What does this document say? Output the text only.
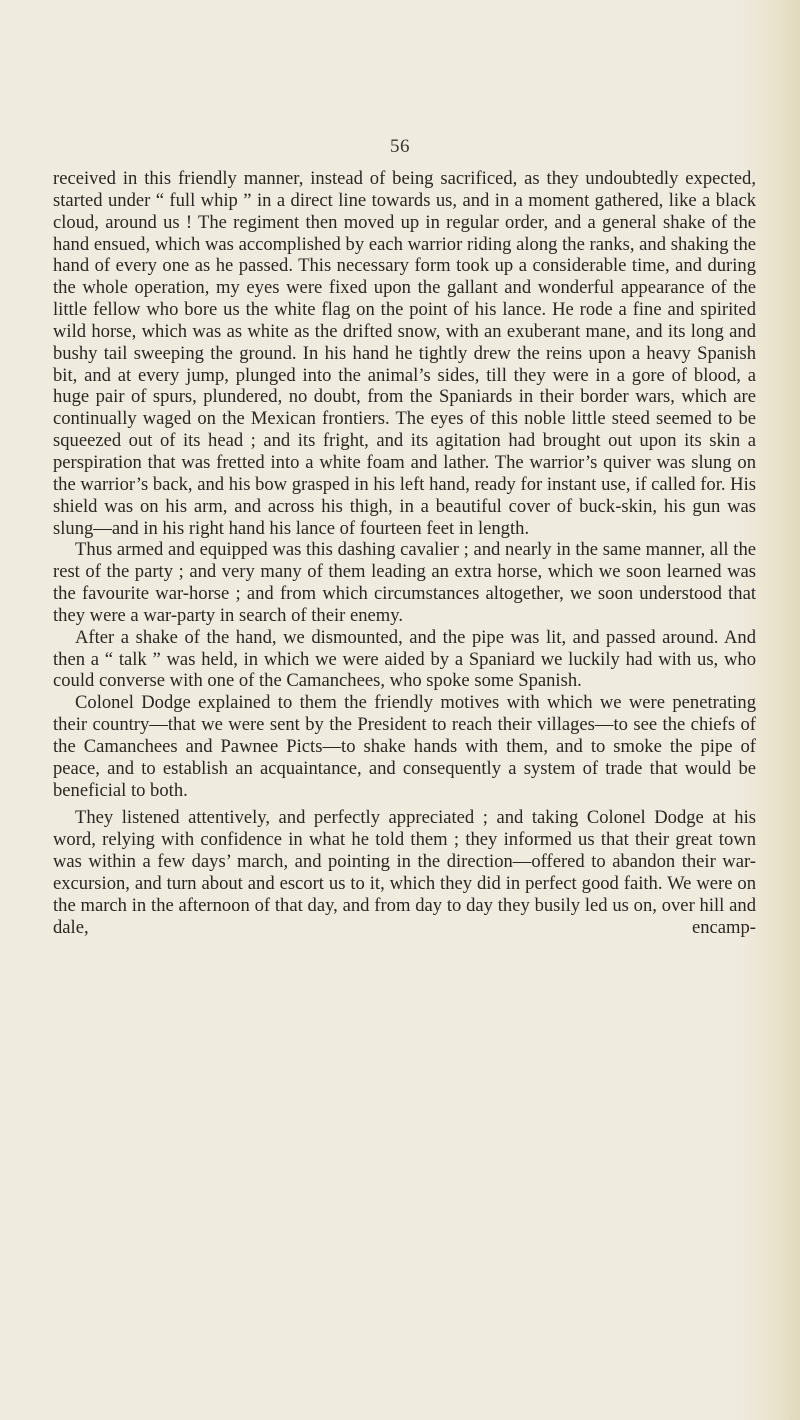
56

received in this friendly manner, instead of being sacrificed, as they undoubtedly expected, started under “ full whip ” in a direct line towards us, and in a moment gathered, like a black cloud, around us ! The regiment then moved up in regular order, and a general shake of the hand ensued, which was accomplished by each warrior riding along the ranks, and shaking the hand of every one as he passed. This necessary form took up a considerable time, and during the whole operation, my eyes were fixed upon the gallant and wonderful appearance of the little fellow who bore us the white flag on the point of his lance. He rode a fine and spirited wild horse, which was as white as the drifted snow, with an exuberant mane, and its long and bushy tail sweeping the ground. In his hand he tightly drew the reins upon a heavy Spanish bit, and at every jump, plunged into the animal’s sides, till they were in a gore of blood, a huge pair of spurs, plundered, no doubt, from the Spaniards in their border wars, which are continually waged on the Mexican frontiers. The eyes of this noble little steed seemed to be squeezed out of its head ; and its fright, and its agitation had brought out upon its skin a perspiration that was fretted into a white foam and lather. The warrior’s quiver was slung on the warrior’s back, and his bow grasped in his left hand, ready for instant use, if called for. His shield was on his arm, and across his thigh, in a beautiful cover of buck-skin, his gun was slung—and in his right hand his lance of fourteen feet in length.

Thus armed and equipped was this dashing cavalier ; and nearly in the same manner, all the rest of the party ; and very many of them leading an extra horse, which we soon learned was the favourite war-horse ; and from which circumstances altogether, we soon understood that they were a war-party in search of their enemy.

After a shake of the hand, we dismounted, and the pipe was lit, and passed around. And then a “ talk ” was held, in which we were aided by a Spaniard we luckily had with us, who could converse with one of the Camanchees, who spoke some Spanish.

Colonel Dodge explained to them the friendly motives with which we were penetrating their country—that we were sent by the President to reach their villages—to see the chiefs of the Camanchees and Pawnee Picts—to shake hands with them, and to smoke the pipe of peace, and to establish an acquaintance, and consequently a system of trade that would be beneficial to both.

They listened attentively, and perfectly appreciated ; and taking Colonel Dodge at his word, relying with confidence in what he told them ; they informed us that their great town was within a few days’ march, and pointing in the direction—offered to abandon their war-excursion, and turn about and escort us to it, which they did in perfect good faith. We were on the march in the afternoon of that day, and from day to day they busily led us on, over hill and dale, encamp-
